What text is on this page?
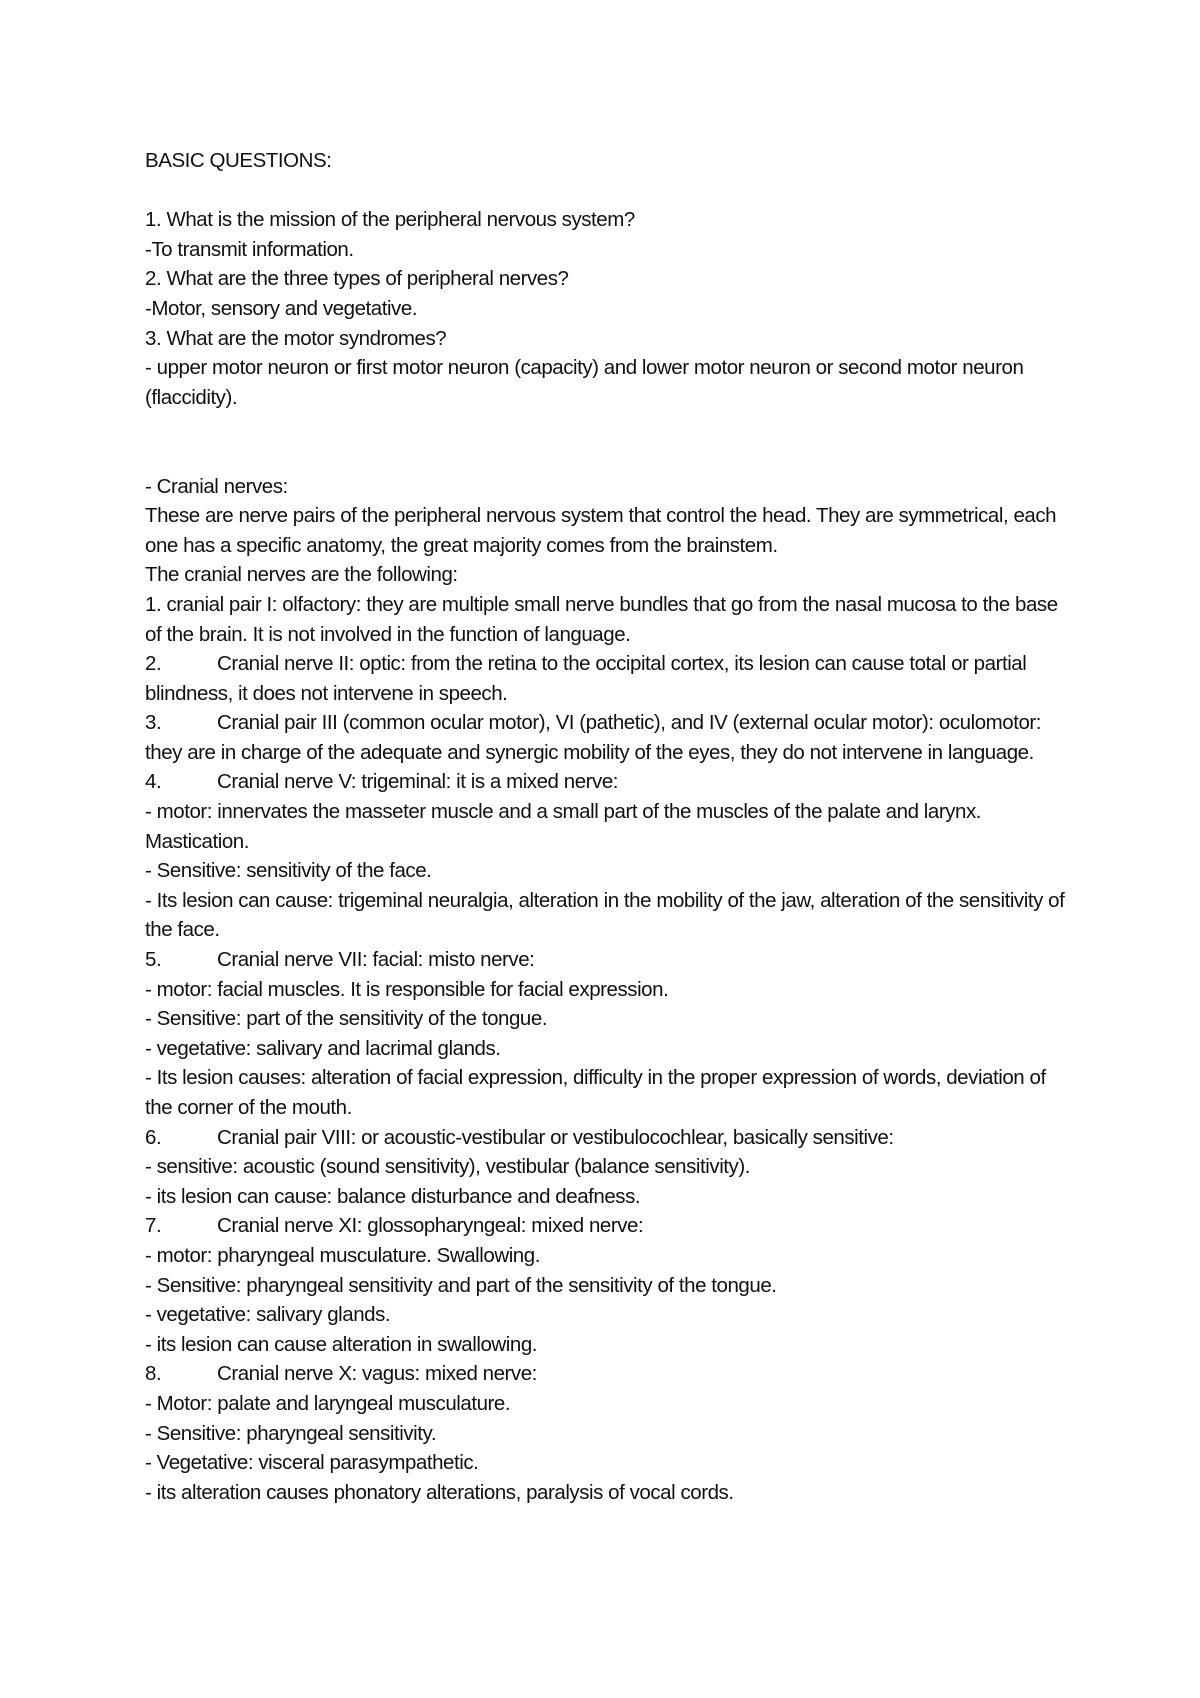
BASIC QUESTIONS:
1. What is the mission of the peripheral nervous system?
-To transmit information.
2. What are the three types of peripheral nerves?
-Motor, sensory and vegetative.
3. What are the motor syndromes?
- upper motor neuron or first motor neuron (capacity) and lower motor neuron or second motor neuron (flaccidity).
- Cranial nerves:
These are nerve pairs of the peripheral nervous system that control the head. They are symmetrical, each one has a specific anatomy, the great majority comes from the brainstem.
The cranial nerves are the following:
1. cranial pair I: olfactory: they are multiple small nerve bundles that go from the nasal mucosa to the base of the brain. It is not involved in the function of language.
2.	Cranial nerve II: optic: from the retina to the occipital cortex, its lesion can cause total or partial blindness, it does not intervene in speech.
3.	Cranial pair III (common ocular motor), VI (pathetic), and IV (external ocular motor): oculomotor: they are in charge of the adequate and synergic mobility of the eyes, they do not intervene in language.
4.	Cranial nerve V: trigeminal: it is a mixed nerve:
- motor: innervates the masseter muscle and a small part of the muscles of the palate and larynx. Mastication.
- Sensitive: sensitivity of the face.
- Its lesion can cause: trigeminal neuralgia, alteration in the mobility of the jaw, alteration of the sensitivity of the face.
5.	Cranial nerve VII: facial: misto nerve:
- motor: facial muscles. It is responsible for facial expression.
- Sensitive: part of the sensitivity of the tongue.
- vegetative: salivary and lacrimal glands.
- Its lesion causes: alteration of facial expression, difficulty in the proper expression of words, deviation of the corner of the mouth.
6.	Cranial pair VIII: or acoustic-vestibular or vestibulocochlear, basically sensitive:
- sensitive: acoustic (sound sensitivity), vestibular (balance sensitivity).
- its lesion can cause: balance disturbance and deafness.
7.	Cranial nerve XI: glossopharyngeal: mixed nerve:
- motor: pharyngeal musculature. Swallowing.
- Sensitive: pharyngeal sensitivity and part of the sensitivity of the tongue.
- vegetative: salivary glands.
- its lesion can cause alteration in swallowing.
8.	Cranial nerve X: vagus: mixed nerve:
- Motor: palate and laryngeal musculature.
- Sensitive: pharyngeal sensitivity.
- Vegetative: visceral parasympathetic.
- its alteration causes phonatory alterations, paralysis of vocal cords.
